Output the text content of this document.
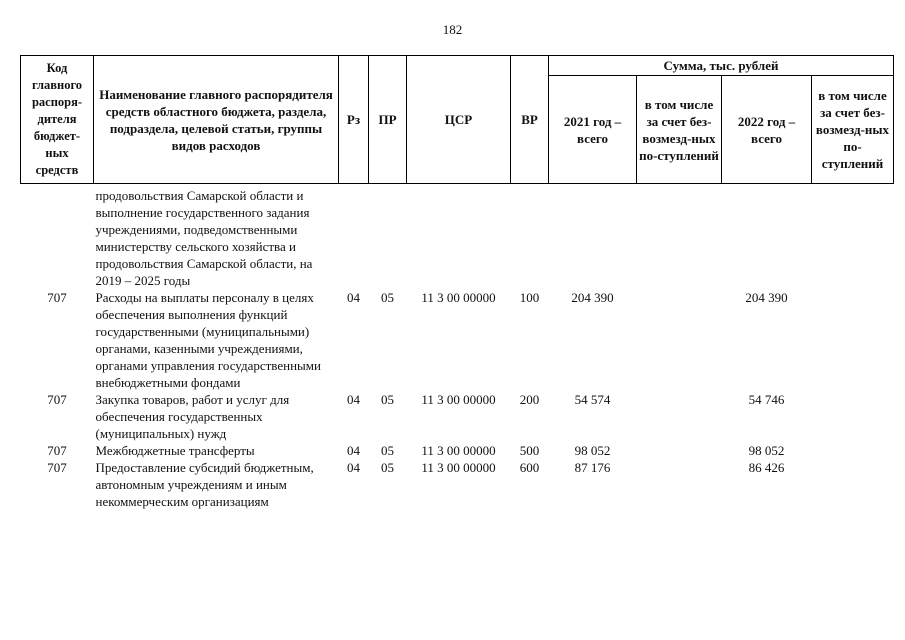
182
Код главного распоря-дителя бюджет-ных средств	Наименование главного распорядителя средств областного бюджета, раздела, подраздела, целевой статьи, группы видов расходов	Рз	ПР	ЦСР	ВР	Сумма, тыс. рублей			
						2021 год – всего	в том числе за счет без-возмезд-ных по-ступлений	2022 год – всего	в том числе за счет без-возмезд-ных по-ступлений
	продовольствия Самарской области и выполнение государственного задания учреждениями, подведомственными министерству сельского хозяйства и продовольствия Самарской области, на 2019 – 2025 годы								
707	Расходы на выплаты персоналу в целях обеспечения выполнения функций государственными (муниципальными) органами, казенными учреждениями, органами управления государственными внебюджетными фондами	04	05	11 3 00 00000	100	204 390		204 390	
707	Закупка товаров, работ и услуг для обеспечения государственных (муниципальных) нужд	04	05	11 3 00 00000	200	54 574		54 746	
707	Межбюджетные трансферты	04	05	11 3 00 00000	500	98 052		98 052	
707	Предоставление субсидий бюджетным, автономным учреждениям и иным некоммерческим организациям	04	05	11 3 00 00000	600	87 176		86 426	
